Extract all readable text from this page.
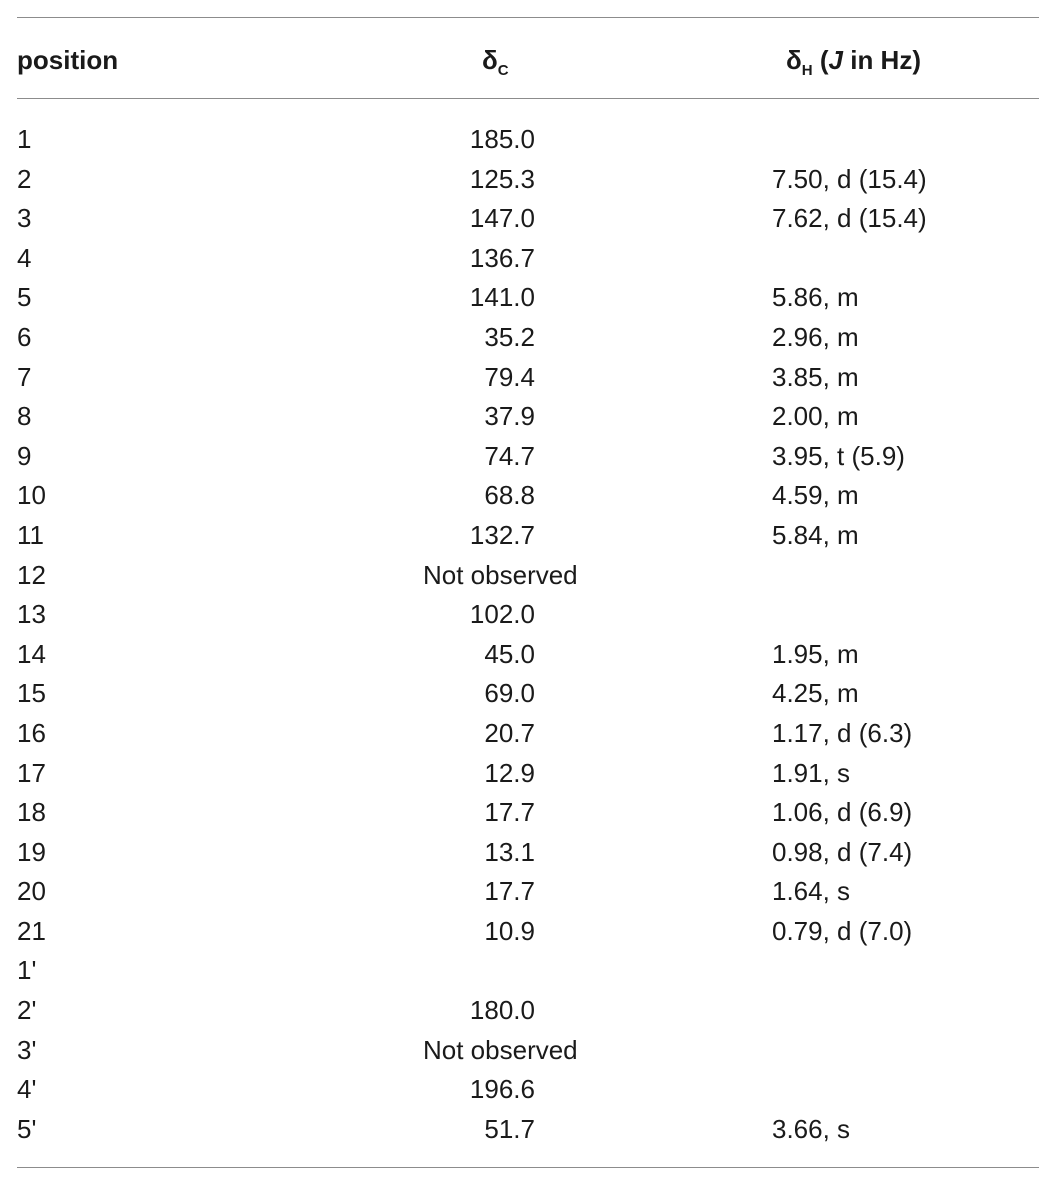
position	$\delta_C$	$\delta_H$ (J in Hz)
1	185.0
2	125.3	7.50, d (15.4)
3	147.0	7.62, d (15.4)
4	136.7
5	141.0	5.86, m
6	35.2	2.96, m
7	79.4	3.85, m
8	37.9	2.00, m
9	74.7	3.95, t (5.9)
10	68.8	4.59, m
11	132.7	5.84, m
12	Not observed
13	102.0
14	45.0	1.95, m
15	69.0	4.25, m
16	20.7	1.17, d (6.3)
17	12.9	1.91, s
18	17.7	1.06, d (6.9)
19	13.1	0.98, d (7.4)
20	17.7	1.64, s
21	10.9	0.79, d (7.0)
1'
2'	180.0
3'	Not observed
4'	196.6
5'	51.7	3.66, s
